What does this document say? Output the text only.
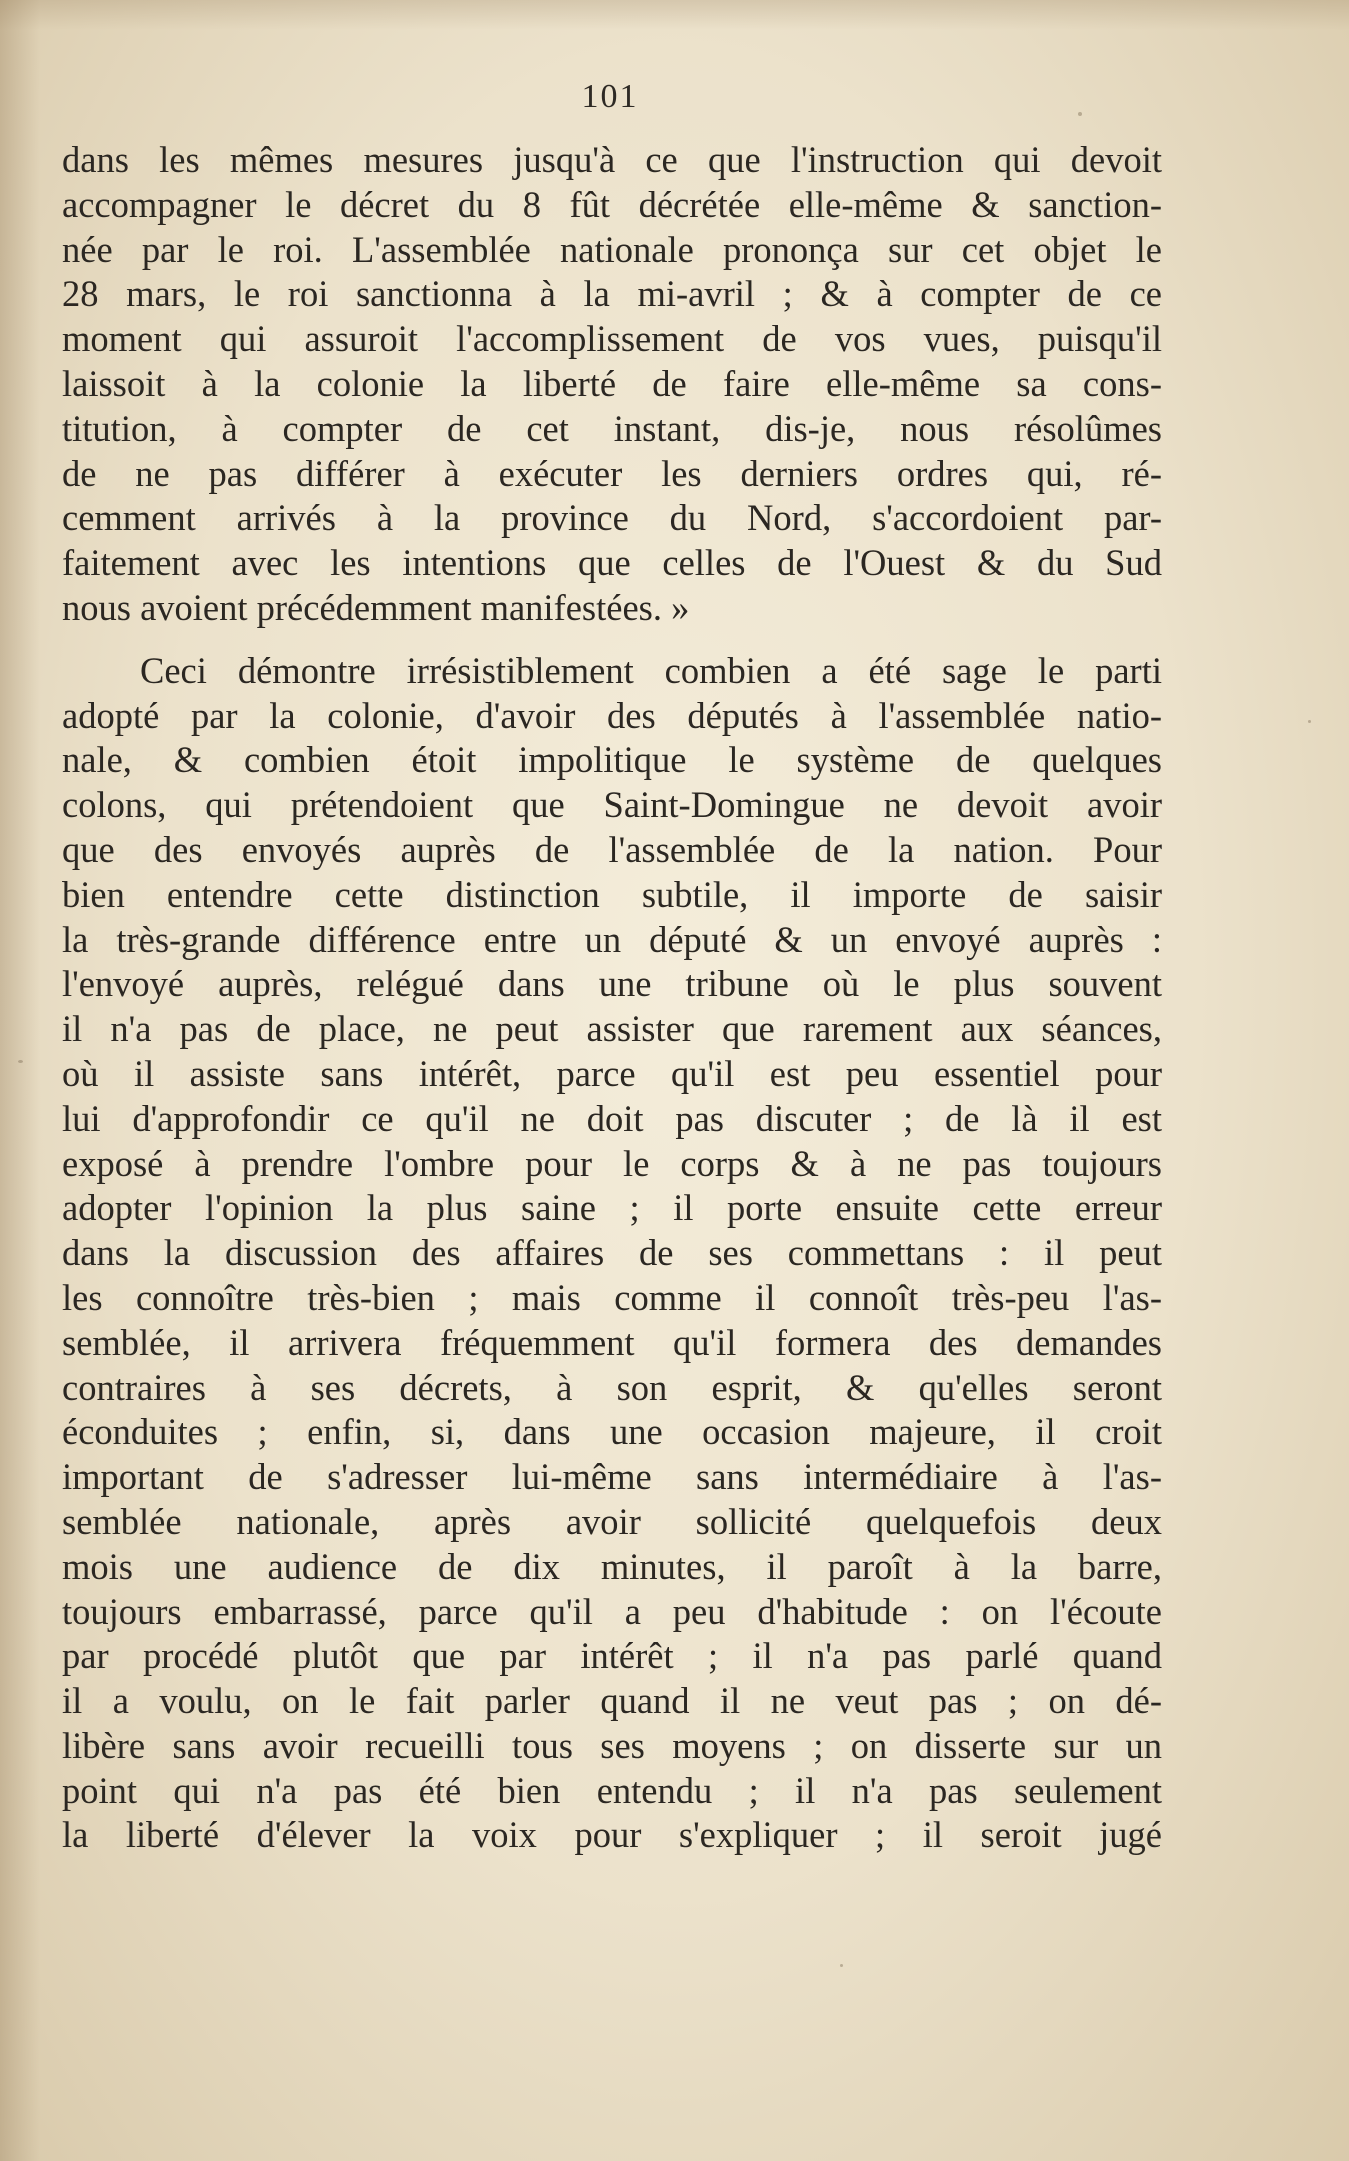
101
dans les mêmes mesures jusqu'à ce que l'instruction qui devoit
accompagner le décret du 8 fût décrétée elle-même & sanction-
née par le roi. L'assemblée nationale prononça sur cet objet le
28 mars, le roi sanctionna à la mi-avril ; & à compter de ce
moment qui assuroit l'accomplissement de vos vues, puisqu'il
laissoit à la colonie la liberté de faire elle-même sa cons-
titution, à compter de cet instant, dis-je, nous résolûmes
de ne pas différer à exécuter les derniers ordres qui, ré-
cemment arrivés à la province du Nord, s'accordoient par-
faitement avec les intentions que celles de l'Ouest & du Sud
nous avoient précédemment manifestées. »
Ceci démontre irrésistiblement combien a été sage le parti
adopté par la colonie, d'avoir des députés à l'assemblée natio-
nale, & combien étoit impolitique le système de quelques
colons, qui prétendoient que Saint-Domingue ne devoit avoir
que des envoyés auprès de l'assemblée de la nation. Pour
bien entendre cette distinction subtile, il importe de saisir
la très-grande différence entre un député & un envoyé auprès :
l'envoyé auprès, relégué dans une tribune où le plus souvent
il n'a pas de place, ne peut assister que rarement aux séances,
où il assiste sans intérêt, parce qu'il est peu essentiel pour
lui d'approfondir ce qu'il ne doit pas discuter ; de là il est
exposé à prendre l'ombre pour le corps & à ne pas toujours
adopter l'opinion la plus saine ; il porte ensuite cette erreur
dans la discussion des affaires de ses commettans : il peut
les connoître très-bien ; mais comme il connoît très-peu l'as-
semblée, il arrivera fréquemment qu'il formera des demandes
contraires à ses décrets, à son esprit, & qu'elles seront
éconduites ; enfin, si, dans une occasion majeure, il croit
important de s'adresser lui-même sans intermédiaire à l'as-
semblée nationale, après avoir sollicité quelquefois deux
mois une audience de dix minutes, il paroît à la barre,
toujours embarrassé, parce qu'il a peu d'habitude : on l'écoute
par procédé plutôt que par intérêt ; il n'a pas parlé quand
il a voulu, on le fait parler quand il ne veut pas ; on dé-
libère sans avoir recueilli tous ses moyens ; on disserte sur un
point qui n'a pas été bien entendu ; il n'a pas seulement
la liberté d'élever la voix pour s'expliquer ; il seroit jugé
